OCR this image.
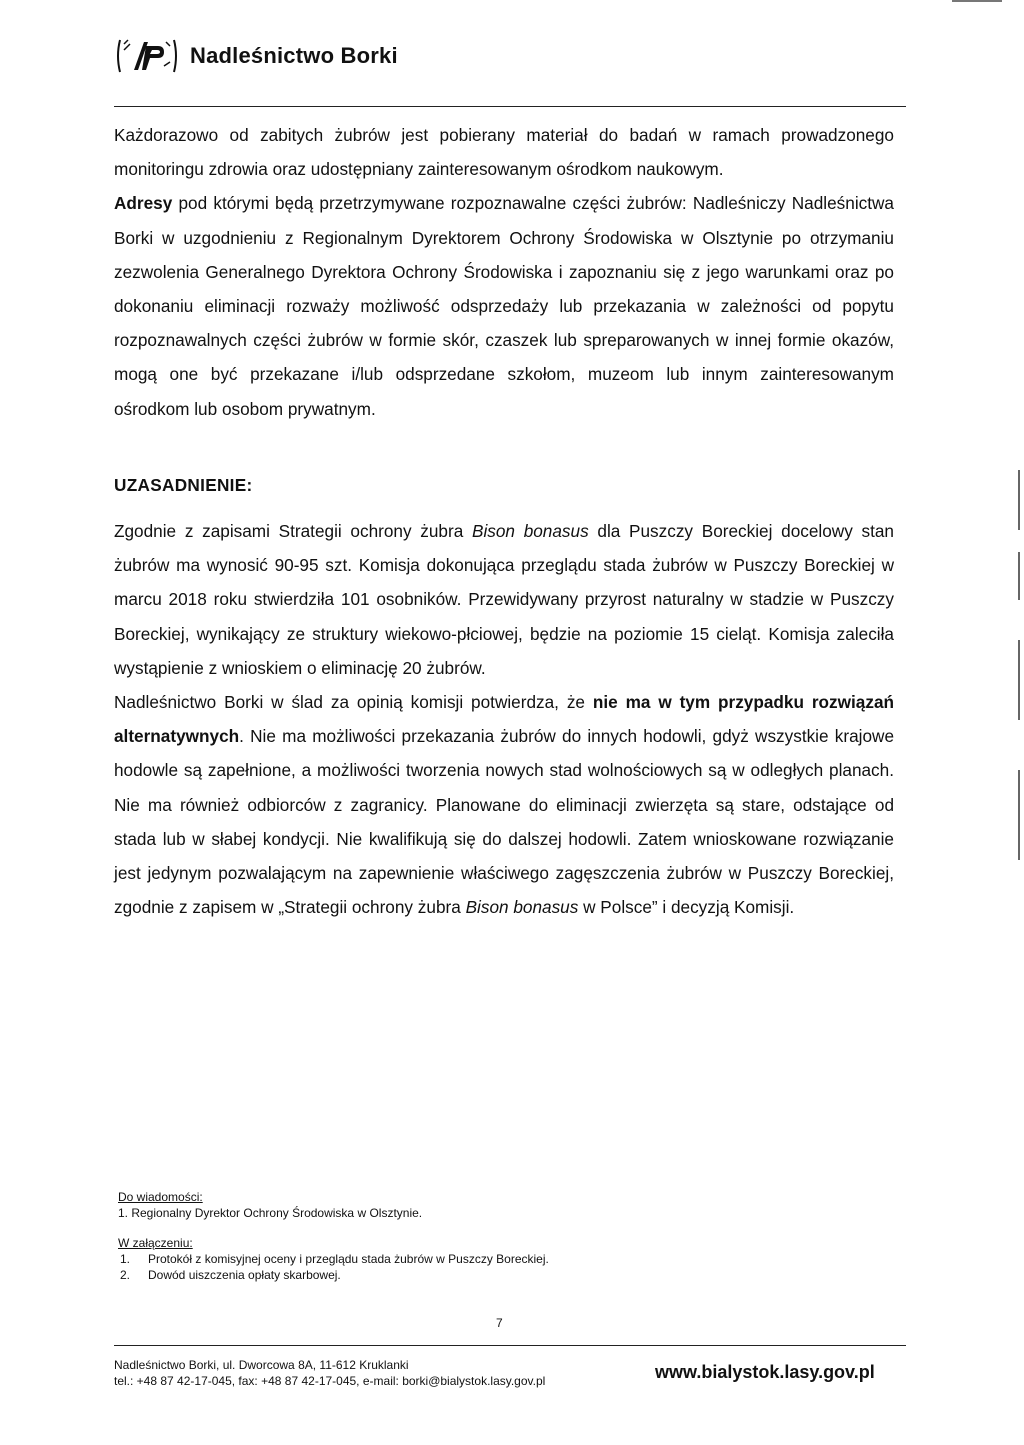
Nadleśnictwo Borki

Każdorazowo od zabitych żubrów jest pobierany materiał do badań w ramach prowadzonego monitoringu zdrowia oraz udostępniany zainteresowanym ośrodkom naukowym.

Adresy pod którymi będą przetrzymywane rozpoznawalne części żubrów: Nadleśniczy Nadleśnictwa Borki w uzgodnieniu z Regionalnym Dyrektorem Ochrony Środowiska w Olsztynie po otrzymaniu zezwolenia Generalnego Dyrektora Ochrony Środowiska i zapoznaniu się z jego warunkami oraz po dokonaniu eliminacji rozważy możliwość odsprzedaży lub przekazania w zależności od popytu rozpoznawalnych części żubrów w formie skór, czaszek lub spreparowanych w innej formie okazów, mogą one być przekazane i/lub odsprzedane szkołom, muzeom lub innym zainteresowanym ośrodkom lub osobom prywatnym.

UZASADNIENIE:

Zgodnie z zapisami Strategii ochrony żubra Bison bonasus dla Puszczy Boreckiej docelowy stan żubrów ma wynosić 90-95 szt. Komisja dokonująca przeglądu stada żubrów w Puszczy Boreckiej w marcu 2018 roku stwierdziła 101 osobników. Przewidywany przyrost naturalny w stadzie w Puszczy Boreckiej, wynikający ze struktury wiekowo-płciowej, będzie na poziomie 15 cieląt. Komisja zaleciła wystąpienie z wnioskiem o eliminację 20 żubrów.

Nadleśnictwo Borki w ślad za opinią komisji potwierdza, że nie ma w tym przypadku rozwiązań alternatywnych. Nie ma możliwości przekazania żubrów do innych hodowli, gdyż wszystkie krajowe hodowle są zapełnione, a możliwości tworzenia nowych stad wolnościowych są w odległych planach. Nie ma również odbiorców z zagranicy. Planowane do eliminacji zwierzęta są stare, odstające od stada lub w słabej kondycji. Nie kwalifikują się do dalszej hodowli. Zatem wnioskowane rozwiązanie jest jedynym pozwalającym na zapewnienie właściwego zagęszczenia żubrów w Puszczy Boreckiej, zgodnie z zapisem w „Strategii ochrony żubra Bison bonasus w Polsce” i decyzją Komisji.

Do wiadomości:
1. Regionalny Dyrektor Ochrony Środowiska w Olsztynie.
W załączeniu:
1. Protokół z komisyjnej oceny i przeglądu stada żubrów w Puszczy Boreckiej.
2. Dowód uiszczenia opłaty skarbowej.
7
Nadleśnictwo Borki, ul. Dworcowa 8A, 11-612 Kruklanki
tel.: +48 87 42-17-045, fax: +48 87 42-17-045, e-mail: borki@bialystok.lasy.gov.pl	www.bialystok.lasy.gov.pl
